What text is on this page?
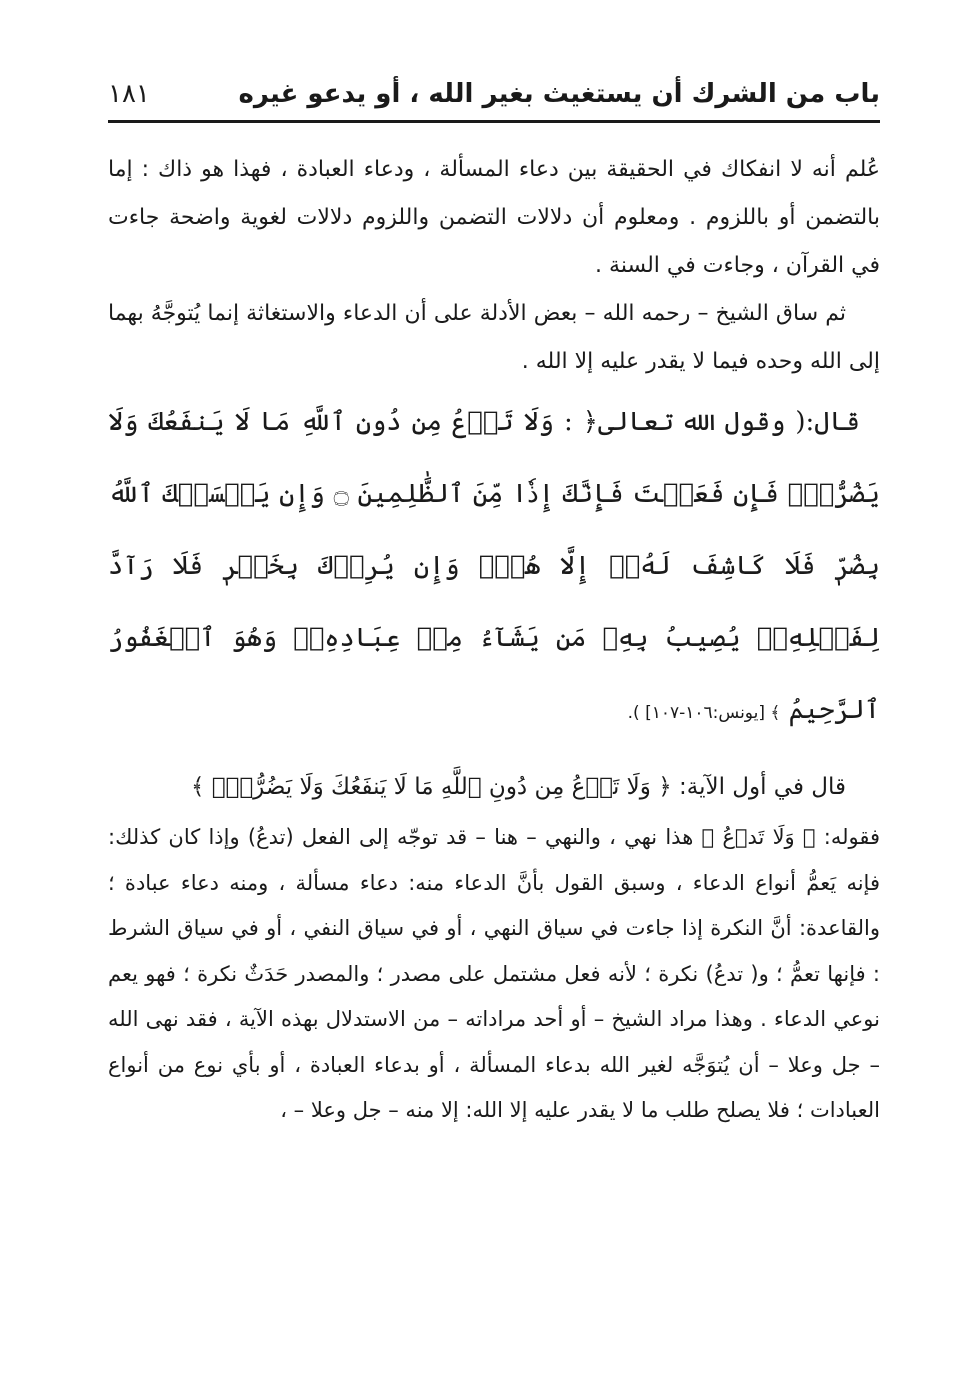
باب من الشرك أن يستغيث بغير الله ، أو يدعو غيره
١٨١

عُلم أنه لا انفكاك في الحقيقة بين دعاء المسألة ، ودعاء العبادة ، فهذا هو ذاك : إما بالتضمن أو باللزوم . ومعلوم أن دلالات التضمن واللزوم دلالات لغوية واضحة جاءت في القرآن ، وجاءت في السنة .

ثم ساق الشيخ – رحمه الله – بعض الأدلة على أن الدعاء والاستغاثة إنما يُتوجَّهُ بهما إلى الله وحده فيما لا يقدر عليه إلا الله .

قال:( وقول الله تعالى﴿ : وَلَا تَدۡعُ مِن دُونِ ٱللَّهِ مَا لَا يَنفَعُكَ وَلَا يَضُرُّكَۖ فَإِن فَعَلۡتَ فَإِنَّكَ إِذٗا مِّنَ ٱلظَّٰلِمِينَ ۝ وَإِن يَمۡسَسۡكَ ٱللَّهُ بِضُرّٖ فَلَا كَاشِفَ لَهُۥٓ إِلَّا هُوَۖ وَإِن يُرِدۡكَ بِخَيۡرٖ فَلَا رَآدَّ لِفَضۡلِهِۦۚ يُصِيبُ بِهِۦ مَن يَشَآءُ مِنۡ عِبَادِهِۦۚ وَهُوَ ٱلۡغَفُورُ ٱلرَّحِيمُ ﴾ [يونس:١٠٦-١٠٧] ).

قال في أول الآية: ﴿ وَلَا تَدۡعُ مِن دُونِ ٱللَّهِ مَا لَا يَنفَعُكَ وَلَا يَضُرُّكَۖ ﴾

فقوله: ﴿ وَلَا تَدۡعُ ﴾ هذا نهي ، والنهي – هنا – قد توجّه إلى الفعل (تدعُ) وإذا كان كذلك: فإنه يَعمُّ أنواع الدعاء ، وسبق القول بأنَّ الدعاء منه: دعاء مسألة ، ومنه دعاء عبادة ؛ والقاعدة: أنَّ النكرة إذا جاءت في سياق النهي ، أو في سياق النفي ، أو في سياق الشرط : فإنها تعمُّ ؛ و( تدعُ) نكرة ؛ لأنه فعل مشتمل على مصدر ؛ والمصدر حَدَثٌ نكرة ؛ فهو يعم نوعي الدعاء . وهذا مراد الشيخ – أو أحد مراداته – من الاستدلال بهذه الآية ، فقد نهى الله – جل وعلا – أن يُتوَجَّه لغير الله بدعاء المسألة ، أو بدعاء العبادة ، أو بأي نوع من أنواع العبادات ؛ فلا يصلح طلب ما لا يقدر عليه إلا الله: إلا منه – جل وعلا – ،
